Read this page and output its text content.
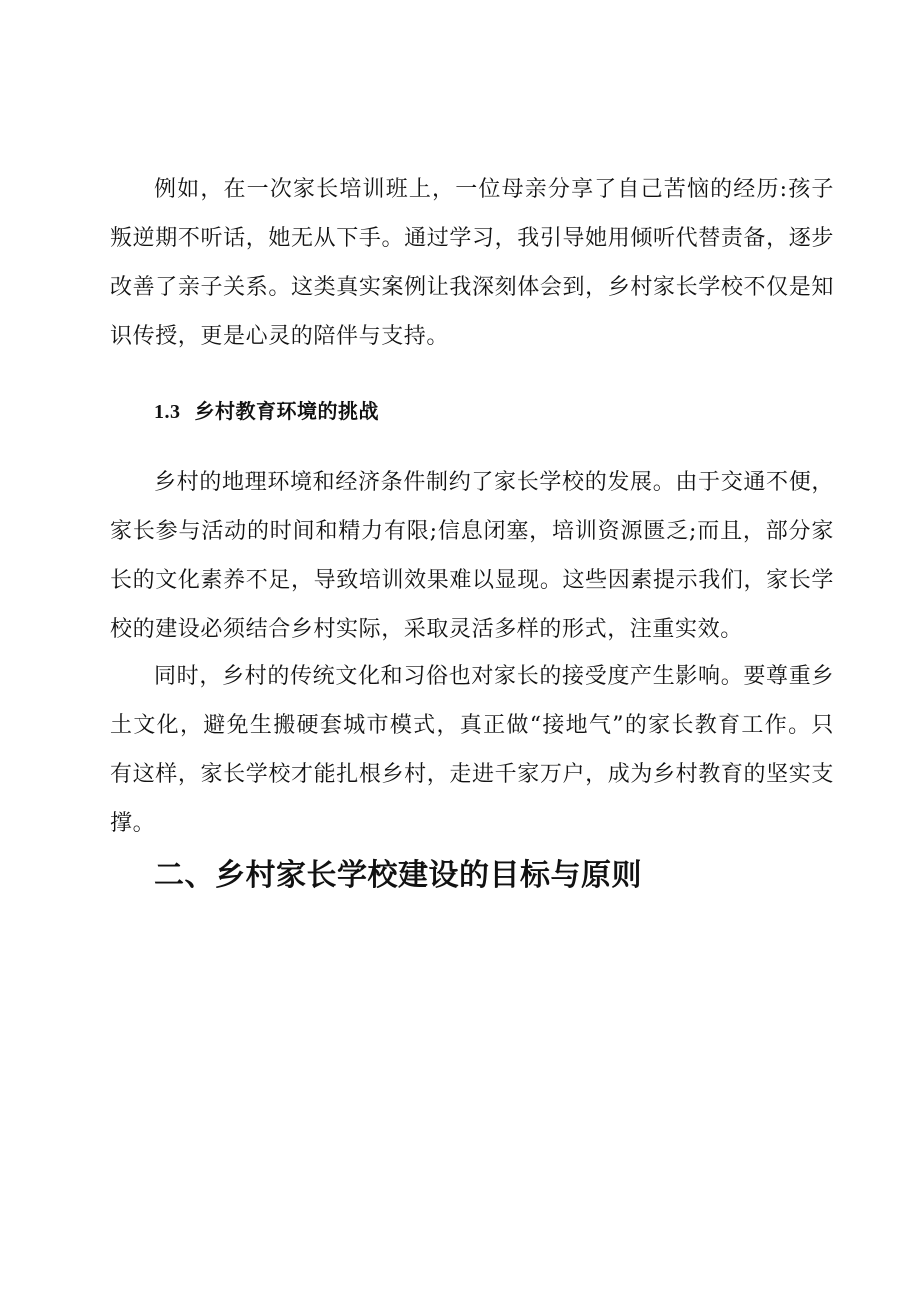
例如，在一次家长培训班上，一位母亲分享了自己苦恼的经历:孩子叛逆期不听话，她无从下手。通过学习，我引导她用倾听代替责备，逐步改善了亲子关系。这类真实案例让我深刻体会到，乡村家长学校不仅是知识传授，更是心灵的陪伴与支持。

1.3 乡村教育环境的挑战

乡村的地理环境和经济条件制约了家长学校的发展。由于交通不便，家长参与活动的时间和精力有限;信息闭塞，培训资源匮乏;而且，部分家长的文化素养不足，导致培训效果难以显现。这些因素提示我们，家长学校的建设必须结合乡村实际，采取灵活多样的形式，注重实效。

同时，乡村的传统文化和习俗也对家长的接受度产生影响。要尊重乡土文化，避免生搬硬套城市模式，真正做“接地气”的家长教育工作。只有这样，家长学校才能扎根乡村，走进千家万户，成为乡村教育的坚实支撑。

二、乡村家长学校建设的目标与原则
